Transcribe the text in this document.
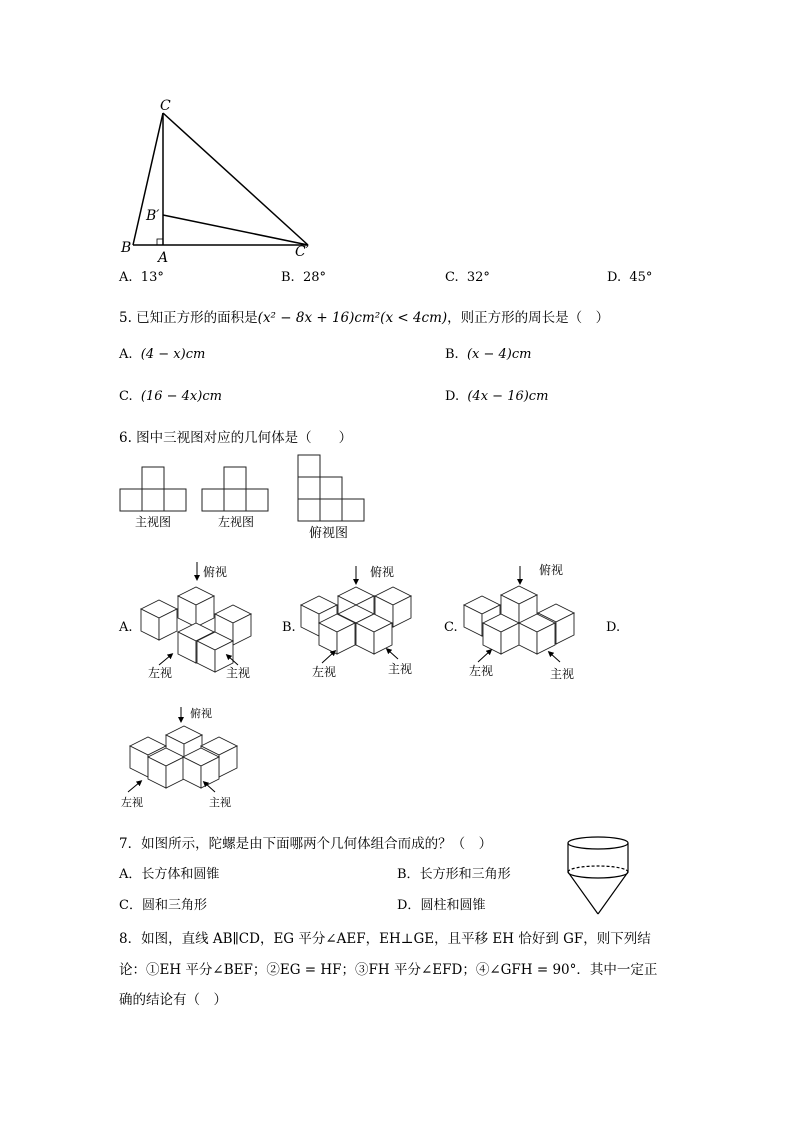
C
B′
B
A	C′
A. 13°	B. 28°	C. 32°	D. 45°
5. 已知正方形的面积是(x² − 8x + 16)cm²(x < 4cm)，则正方形的周长是（　）
A. (4 − x)cm	B. (x − 4)cm
C. (16 − 4x)cm	D. (4x − 16)cm
6. 图中三视图对应的几何体是（　　）
主视图	左视图
俯视图
俯视
左视	主视
A.
俯视
左视	主视
B.
俯视
左视	主视
C.	D.
俯视
左视	主视
7．如图所示，陀螺是由下面哪两个几何体组合而成的？（　）
A．长方体和圆锥	B．长方形和三角形
C．圆和三角形	D．圆柱和圆锥
8．如图，直线 AB∥CD，EG 平分∠AEF，EH⊥GE，且平移 EH 恰好到 GF，则下列结
论：①EH 平分∠BEF；②EG = HF；③FH 平分∠EFD；④∠GFH = 90°．其中一定正
确的结论有（　）
